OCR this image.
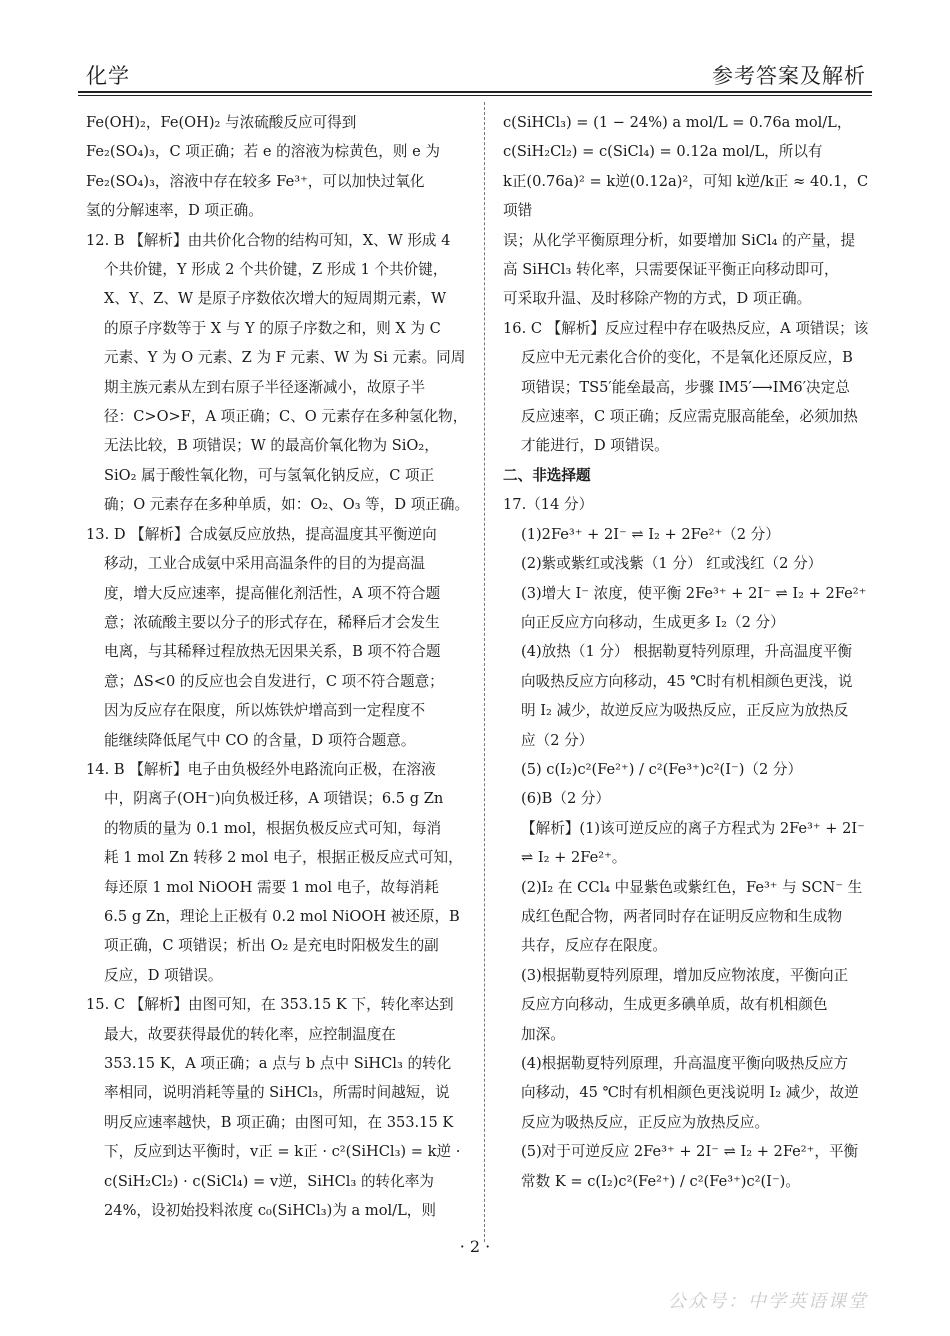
化学	参考答案及解析

Fe(OH)₂，Fe(OH)₂ 与浓硫酸反应可得到

Fe₂(SO₄)₃，C 项正确；若 e 的溶液为棕黄色，则 e 为

Fe₂(SO₄)₃，溶液中存在较多 Fe³⁺，可以加快过氧化

氢的分解速率，D 项正确。

12. B 【解析】由共价化合物的结构可知，X、W 形成 4

个共价键，Y 形成 2 个共价键，Z 形成 1 个共价键，

X、Y、Z、W 是原子序数依次增大的短周期元素，W

的原子序数等于 X 与 Y 的原子序数之和，则 X 为 C

元素、Y 为 O 元素、Z 为 F 元素、W 为 Si 元素。同周

期主族元素从左到右原子半径逐渐减小，故原子半

径：C>O>F，A 项正确；C、O 元素存在多种氢化物，

无法比较，B 项错误；W 的最高价氧化物为 SiO₂，

SiO₂ 属于酸性氧化物，可与氢氧化钠反应，C 项正

确；O 元素存在多种单质，如：O₂、O₃ 等，D 项正确。

13. D 【解析】合成氨反应放热，提高温度其平衡逆向

移动，工业合成氨中采用高温条件的目的为提高温

度，增大反应速率，提高催化剂活性，A 项不符合题

意；浓硫酸主要以分子的形式存在，稀释后才会发生

电离，与其稀释过程放热无因果关系，B 项不符合题

意；ΔS<0 的反应也会自发进行，C 项不符合题意；

因为反应存在限度，所以炼铁炉增高到一定程度不

能继续降低尾气中 CO 的含量，D 项符合题意。

14. B 【解析】电子由负极经外电路流向正极，在溶液

中，阴离子(OH⁻)向负极迁移，A 项错误；6.5 g Zn

的物质的量为 0.1 mol，根据负极反应式可知，每消

耗 1 mol Zn 转移 2 mol 电子，根据正极反应式可知，

每还原 1 mol NiOOH 需要 1 mol 电子，故每消耗

6.5 g Zn，理论上正极有 0.2 mol NiOOH 被还原，B

项正确，C 项错误；析出 O₂ 是充电时阳极发生的副

反应，D 项错误。

15. C 【解析】由图可知，在 353.15 K 下，转化率达到

最大，故要获得最优的转化率，应控制温度在

353.15 K，A 项正确；a 点与 b 点中 SiHCl₃ 的转化

率相同，说明消耗等量的 SiHCl₃，所需时间越短，说

明反应速率越快，B 项正确；由图可知，在 353.15 K

下，反应到达平衡时，v正 = k正 · c²(SiHCl₃) = k逆 ·

c(SiH₂Cl₂) · c(SiCl₄) = v逆，SiHCl₃ 的转化率为

24%，设初始投料浓度 c₀(SiHCl₃)为 a mol/L，则

c(SiHCl₃) = (1 − 24%) a mol/L = 0.76a mol/L，

c(SiH₂Cl₂) = c(SiCl₄) = 0.12a mol/L，所以有

k正(0.76a)² = k逆(0.12a)²，可知 k逆/k正 ≈ 40.1，C 项错

误；从化学平衡原理分析，如要增加 SiCl₄ 的产量，提

高 SiHCl₃ 转化率，只需要保证平衡正向移动即可，

可采取升温、及时移除产物的方式，D 项正确。

16. C 【解析】反应过程中存在吸热反应，A 项错误；该

反应中无元素化合价的变化，不是氧化还原反应，B

项错误；TS5′能垒最高，步骤 IM5′⟶IM6′决定总

反应速率，C 项正确；反应需克服高能垒，必须加热

才能进行，D 项错误。

二、非选择题

17.（14 分）

(1)2Fe³⁺ + 2I⁻ ⇌ I₂ + 2Fe²⁺（2 分）

(2)紫或紫红或浅紫（1 分） 红或浅红（2 分）

(3)增大 I⁻ 浓度，使平衡 2Fe³⁺ + 2I⁻ ⇌ I₂ + 2Fe²⁺

向正反应方向移动，生成更多 I₂（2 分）

(4)放热（1 分） 根据勒夏特列原理，升高温度平衡

向吸热反应方向移动，45 ℃时有机相颜色更浅，说

明 I₂ 减少，故逆反应为吸热反应，正反应为放热反

应（2 分）

(5) c(I₂)c²(Fe²⁺) / c²(Fe³⁺)c²(I⁻)（2 分）

(6)B（2 分）

【解析】(1)该可逆反应的离子方程式为 2Fe³⁺ + 2I⁻

⇌ I₂ + 2Fe²⁺。

(2)I₂ 在 CCl₄ 中显紫色或紫红色，Fe³⁺ 与 SCN⁻ 生

成红色配合物，两者同时存在证明反应物和生成物

共存，反应存在限度。

(3)根据勒夏特列原理，增加反应物浓度，平衡向正

反应方向移动，生成更多碘单质，故有机相颜色

加深。

(4)根据勒夏特列原理，升高温度平衡向吸热反应方

向移动，45 ℃时有机相颜色更浅说明 I₂ 减少，故逆

反应为吸热反应，正反应为放热反应。

(5)对于可逆反应 2Fe³⁺ + 2I⁻ ⇌ I₂ + 2Fe²⁺，平衡

常数 K = c(I₂)c²(Fe²⁺) / c²(Fe³⁺)c²(I⁻)。

· 2 ·
公众号：中学英语课堂
